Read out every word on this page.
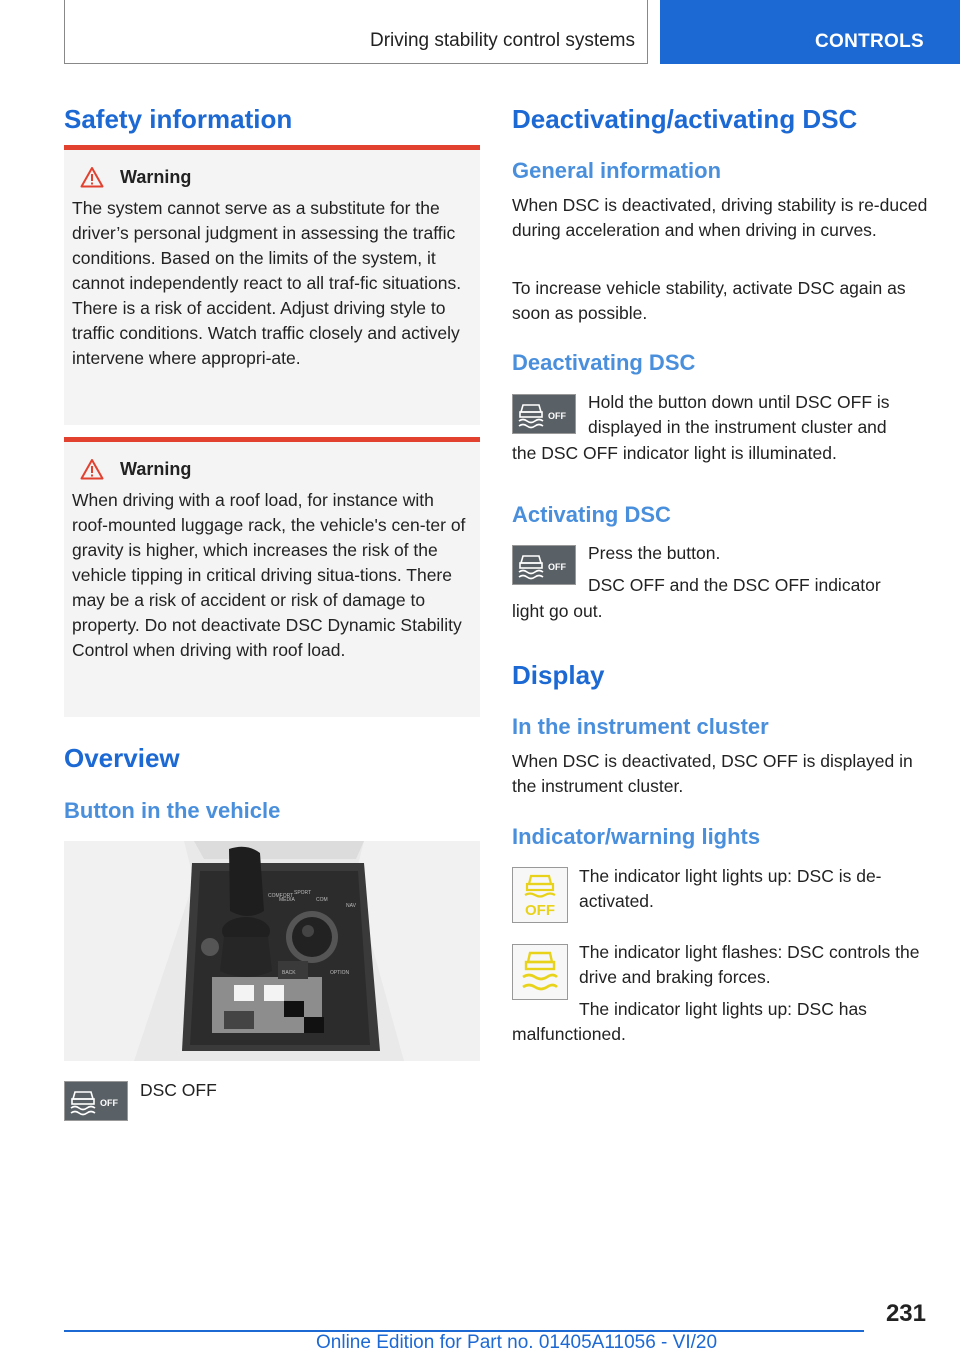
Driving stability control systems	CONTROLS
Safety information
Warning

The system cannot serve as a substitute for the driver’s personal judgment in assessing the traffic conditions. Based on the limits of the system, it cannot independently react to all traf-fic situations. There is a risk of accident. Adjust driving style to traffic conditions. Watch traffic closely and actively intervene where appropri-ate.

Warning

When driving with a roof load, for instance with roof-mounted luggage rack, the vehicle's cen-ter of gravity is higher, which increases the risk of the vehicle tipping in critical driving situa-tions. There may be a risk of accident or risk of damage to property. Do not deactivate DSC Dynamic Stability Control when driving with roof load.

Overview
Button in the vehicle
SPORT
COMFORT
MEDIA	COM
NAV
BACK	OPTION
OFF

DSC OFF

Deactivating/activating DSC
General information

When DSC is deactivated, driving stability is re-duced during acceleration and when driving in curves.

To increase vehicle stability, activate DSC again as soon as possible.

Deactivating DSC
OFF

Hold the button down until DSC OFF is displayed in the instrument cluster and

the DSC OFF indicator light is illuminated.

Activating DSC
OFF

Press the button.

DSC OFF and the DSC OFF indicator

light go out.

Display
In the instrument cluster

When DSC is deactivated, DSC OFF is displayed in the instrument cluster.

Indicator/warning lights
OFF

The indicator light lights up: DSC is de-activated.

The indicator light flashes: DSC controls the drive and braking forces.

The indicator light lights up: DSC has

malfunctioned.

231
Online Edition for Part no. 01405A11056 - VI/20
